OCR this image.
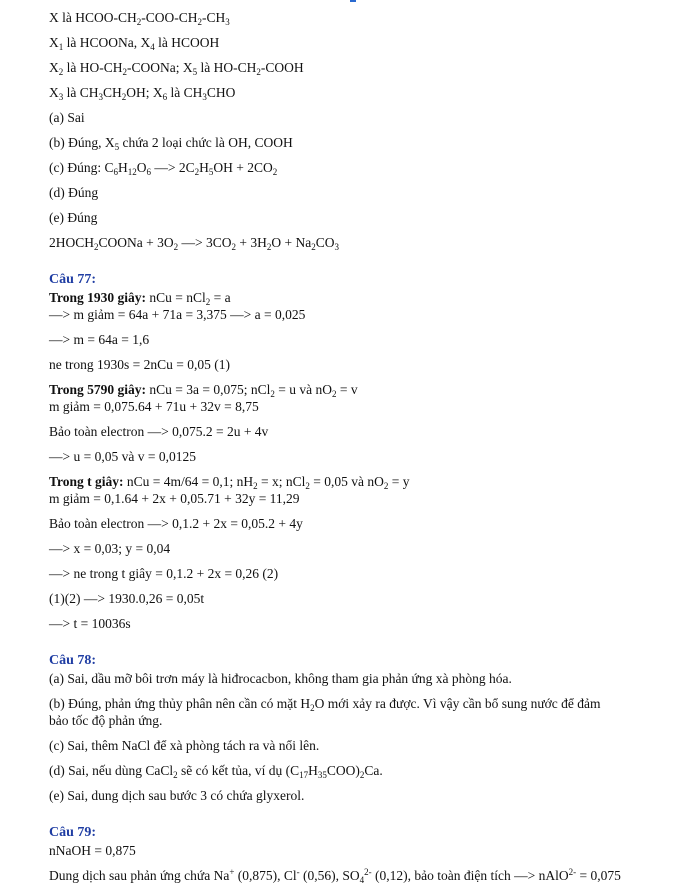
X là HCOO-$CH_2-COO-CH_2-CH_3$
$X_1$ là HCOONa, $X_4$ là HCOOH
$X_2$ là $HO-CH_2$-COONa; $X_5$ là $HO-CH_2$-COOH
$X_3$ là $CH_3CH_2OH$; $X_6$ là $CH_3CHO$
(a) Sai
(b) Đúng, $X_5$ chứa 2 loại chức là OH, COOH
(c) Đúng: $C_6H_{12}O_6$ —> $2C_2H_5OH + 2CO_2$
(d) Đúng
(e) Đúng
$2HOCH_2COONa + 3O_2$ —> $3CO_2 + 3H_2O + Na_2CO_3$
Câu 77:
Trong 1930 giây: nCu = nCl$_2$ = a
—> m giảm = 64a + 71a = 3,375 —> a = 0,025
—> m = 64a = 1,6
ne trong 1930s = 2nCu = 0,05 (1)
Trong 5790 giây: nCu = 3a = 0,075; nCl$_2$ = u và $nO_2 = v$
m giảm = 0,075.64 + 71u + 32v = 8,75
Bảo toàn electron —> 0,075.2 = 2u + 4v
—> u = 0,05 và v = 0,0125
Trong t giây: nCu = 4m/64 = 0,1; $nH_2 = x$; nCl$_2$ = 0,05 và $nO_2 = y$
m giảm = 0,1.64 + 2x + 0,05.71 + 32y = 11,29
Bảo toàn electron —> 0,1.2 + 2x = 0,05.2 + 4y
—> x = 0,03; y = 0,04
—> ne trong t giây = 0,1.2 + 2x = 0,26 (2)
(1)(2) —> 1930.0,26 = 0,05t
—> t = 10036s
Câu 78:
(a) Sai, dầu mỡ bôi trơn máy là hiđrocacbon, không tham gia phản ứng xà phòng hóa.
(b) Đúng, phản ứng thủy phân nên cần có mặt $H_2O$ mới xảy ra được. Vì vậy cần bổ sung nước để đảm
bảo tốc độ phản ứng.
(c) Sai, thêm NaCl để xà phòng tách ra và nổi lên.
(d) Sai, nếu dùng CaCl$_2$ sẽ có kết tủa, ví dụ $(C_{17}H_{35}COO)_2Ca$.
(e) Sai, dung dịch sau bước 3 có chứa glyxerol.
Câu 79:
nNaOH = 0,875
Dung dịch sau phản ứng chứa Na+ (0,875), Cl- (0,56), $SO_4^{2-}$ (0,12), bảo toàn điện tích —> nAlO$^{2-}$ = 0,075
